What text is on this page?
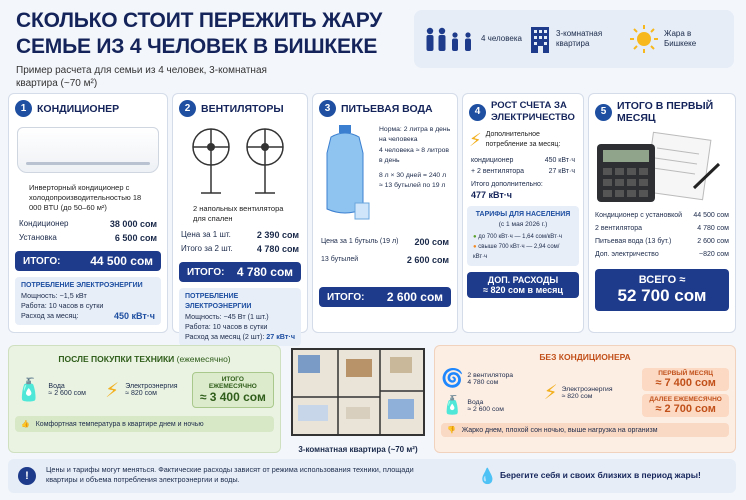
СКОЛЬКО СТОИТ ПЕРЕЖИТЬ ЖАРУ СЕМЬЕ ИЗ 4 ЧЕЛОВЕК В БИШКЕКЕ
Пример расчета для семьи из 4 человек, 3-комнатная квартира (~70 м²)
4 человека
3-комнатная квартира
Жара в Бишкеке
1	КОНДИЦИОНЕР
Инверторный кондиционер с холодопроизводительностью 18 000 BTU (до 50–60 м²)
Кондиционер	38 000 сом
Установка	6 500 сом
ИТОГО: 44 500 сом
ПОТРЕБЛЕНИЕ ЭЛЕКТРОЭНЕРГИИ
Мощность: ~1,5 кВт
Работа: 10 часов в сутки
Расход за месяц:	450 кВт·ч
2	ВЕНТИЛЯТОРЫ
2 напольных вентилятора для спален
Цена за 1 шт.	2 390 сом
Итого за 2 шт.	4 780 сом
ИТОГО: 4 780 сом
ПОТРЕБЛЕНИЕ ЭЛЕКТРОЭНЕРГИИ
Мощность: ~45 Вт (1 шт.)
Работа: 10 часов в сутки
Расход за месяц (2 шт): 27 кВт·ч
3	ПИТЬЕВАЯ ВОДА
Норма: 2 литра в день на человека
4 человека ≈ 8 литров в день
8 л × 30 дней = 240 л
≈ 13 бутылей по 19 л
Цена за 1 бутыль (19 л) 200 сом
13 бутылей	2 600 сом
ИТОГО: 2 600 сом
4
РОСТ СЧЕТА ЗА ЭЛЕКТРИЧЕСТВО
⚡ Дополнительное потребление за месяц:
кондиционер	450 кВт·ч
+ 2 вентилятора	27 кВт·ч
Итого дополнительно:
477 кВт·ч
ТАРИФЫ ДЛЯ НАСЕЛЕНИЯ
(с 1 мая 2026 г.)
● до 700 кВт·ч — 1,64 сом/кВт·ч
● свыше 700 кВт·ч — 2,94 сом/кВт·ч
ДОП. РАСХОДЫ
≈ 820 сом в месяц
5	ИТОГО В ПЕРВЫЙ МЕСЯЦ
Кондиционер с установкой 44 500 сом
2 вентилятора	4 780 сом
Питьевая вода (13 бут.)	2 600 сом
Доп. электричество	~820 сом
ВСЕГО ≈
52 700 сом
ПОСЛЕ ПОКУПКИ ТЕХНИКИ (ежемесячно)
🧴 Вода
≈ 2 600 сом ⚡ Электроэнергия
≈ 820 сом
ИТОГО ЕЖЕМЕСЯЧНО
≈ 3 400 сом
👍 Комфортная температура в квартире днем и ночью
3-комнатная квартира (~70 м²)
БЕЗ КОНДИЦИОНЕРА
🌀 2 вентилятора
4 780 сом
🧴 Вода
≈ 2 600 сом
⚡ Электроэнергия
≈ 820 сом
ПЕРВЫЙ МЕСЯЦ
≈ 7 400 сом
ДАЛЕЕ ЕЖЕМЕСЯЧНО
≈ 2 700 сом
👎 Жарко днем, плохой сон ночью, выше нагрузка на организм
!
Цены и тарифы могут меняться. Фактические расходы зависят от режима использования техники, площади квартиры и объема потребления электроэнергии и воды.	💧 Берегите себя и своих близких в период жары!
